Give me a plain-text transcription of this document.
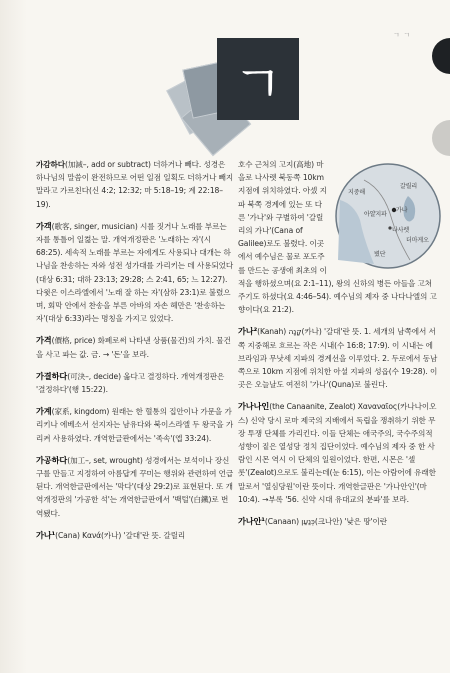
ㄱ ㄱ
ㄱ

가감하다(加減–, add or subtract) 더하거나 빼다. 성경은 하나님의 말씀이 완전하므로 어떤 일점 일획도 더하거나 빼지 말라고 가르친다(신 4:2; 12:32; 마 5:18–19; 계 22:18–19).

가객(歌客, singer, musician) 시를 짓거나 노래를 부르는 자를 통틀어 일컳는 말. 개역개정판은 '노래하는 자'(시 68:25). 세속적 노래를 부르는 자에게도 사용되나 대개는 하나님을 찬송하는 자와 성전 성가대를 가리키는 데 사용되었다(대상 6:31; 대하 23:13; 29:28; 스 2:41, 65; 느 12:27). 다윗은 이스라엘에서 '노래 잘 하는 자'(삼하 23:1)로 불렸으며, 회막 안에서 찬송을 부른 아바의 자손 헤만은 '찬송하는 자'(대상 6:33)라는 명칭을 가지고 있었다.

가격(價格, price) 화폐로써 나타낸 상품(물건)의 가치. 물건을 사고 파는 값. 금. → '돈'을 보라.

가결하다(可決–, decide) 옮다고 결정하다. 개역개정판은 '결정하다'(행 15:22).

가계(家系, kingdom) 원래는 한 혈통의 집안이나 가문을 가리키나 에베소서 선지자는 남유다와 북이스라엘 두 왕국을 가리켜 사용하였다. 개역한글판에서는 '족속'(엡 33:24).

가공하다(加工–, set, wrought) 성경에서는 보석이나 장신구를 만들고 지정하여 아름답게 꾸미는 행위와 관련하여 언급된다. 개역한글판에서는 '막다'(대상 29:2)로 표현된다. 또 개역개정판의 '가공한 석'는 개역한글판에서 '백털'(白鐵)로 번역됐다.

가나¹(Cana) Κανά(카나) '갈대'란 뜻. 갈릴리

지중해
아얄지파
갈릴리
가나
나사렛
더마게오
볐단

호수 근처의 고지(高地) 마을로 나사렛 북동쪽 10km 지점에 위치하였다. 아셌 지파 북쪽 경계에 있는 또 다른 '가나'와 구별하여 '갈릴리의 가나'(Cana of Galilee)로도 불렸다. 이곳에서 예수님은 물로 포도주를 만드는 공생애 최초의 이적을 행하셨으며(요 2:1–11), 왕의 신하의 병든 아들을 고쳐 주기도 하셨다(요 4:46–54). 예수님의 제자 중 나다나엘의 고향이다(요 21:2).

가나²(Kanah) קָנָה(카나) '갈대'란 뜻. 1. 세개의 남쪽에서 서쪽 지중해로 흐르는 작은 시내(수 16:8; 17:9). 이 시내는 에브라임과 무낫세 지파의 경계선을 이루었다. 2. 두로에서 동남쪽으로 10km 지점에 위치한 아셜 지파의 성읍(수 19:28). 이곳은 오늘날도 여전히 '가나'(Quna)로 불린다.

가나나인(the Canaanite, Zealot) Χαναναῖος(카나나이오스) 신약 당시 로마 제국의 지배에서 독립을 쟁취하기 위한 무장 투쟁 단체를 가리킨다. 이들 단체는 애국주의, 국수주의적 성향이 짙은 열성당 정치 집단이었다. 예수님의 제자 중 한 사람인 시몬 역시 이 단체의 일원이었다. 한편, 시몬은 '셀롯'(Zealot)으로도 불리는데(눈 6:15), 이는 아람어에 유래한 말로서 '열심당원'이란 뜻이다. 개역한글판은 '가나안인'(마 10:4). →부록 '56. 신약 시대 유대교의 분파'를 보라.

가나안¹(Canaan) כְּנַעַן(크나안) '낮은 땅'이란
